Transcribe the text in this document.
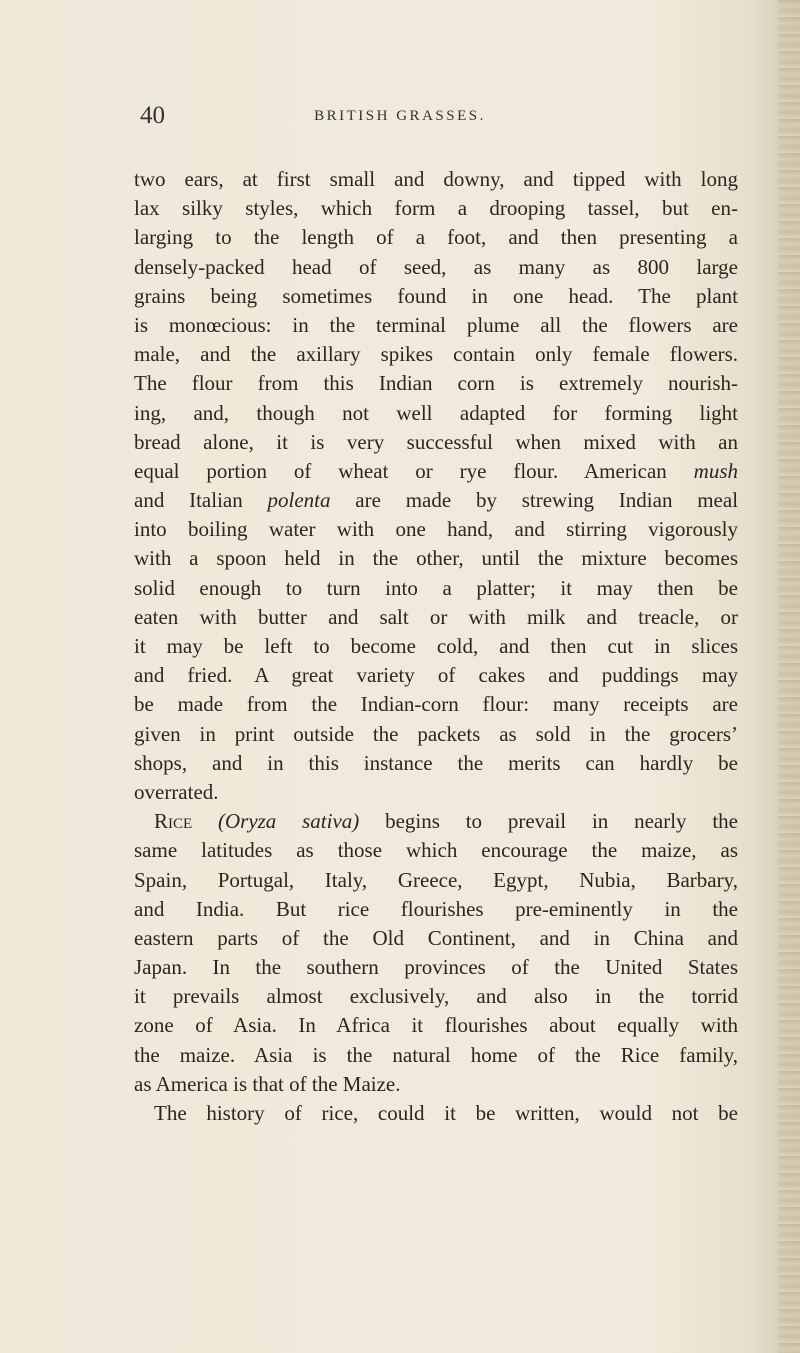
40	BRITISH GRASSES.
two ears, at first small and downy, and tipped with long
lax silky styles, which form a drooping tassel, but en-
larging to the length of a foot, and then presenting a
densely-packed head of seed, as many as 800 large
grains being sometimes found in one head. The plant
is monœcious: in the terminal plume all the flowers are
male, and the axillary spikes contain only female flowers.
The flour from this Indian corn is extremely nourish-
ing, and, though not well adapted for forming light
bread alone, it is very successful when mixed with an
equal portion of wheat or rye flour. American mush
and Italian polenta are made by strewing Indian meal
into boiling water with one hand, and stirring vigorously
with a spoon held in the other, until the mixture becomes
solid enough to turn into a platter; it may then be
eaten with butter and salt or with milk and treacle, or
it may be left to become cold, and then cut in slices
and fried. A great variety of cakes and puddings may
be made from the Indian-corn flour: many receipts are
given in print outside the packets as sold in the grocers’
shops, and in this instance the merits can hardly be
overrated.
Rice (Oryza sativa) begins to prevail in nearly the
same latitudes as those which encourage the maize, as
Spain, Portugal, Italy, Greece, Egypt, Nubia, Barbary,
and India. But rice flourishes pre-eminently in the
eastern parts of the Old Continent, and in China and
Japan. In the southern provinces of the United States
it prevails almost exclusively, and also in the torrid
zone of Asia. In Africa it flourishes about equally with
the maize. Asia is the natural home of the Rice family,
as America is that of the Maize.
The history of rice, could it be written, would not be
